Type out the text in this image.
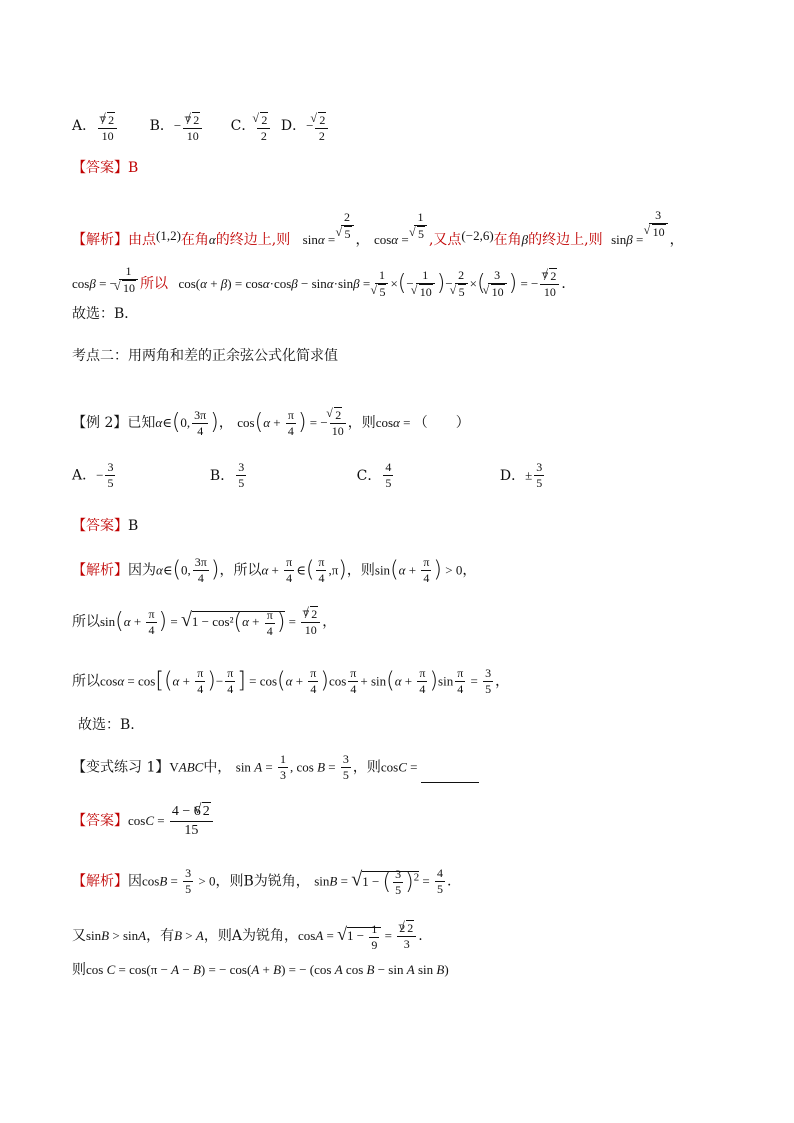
A． $\frac{7 √ 2}{10}$ B．− $\frac{7 √ 2}{10}$ C． √ $\frac{2}{2}$ D．− √ $\frac{2}{2}$
【答案】B
【解析】由点(1,2)在角α的终边上,则 sinα = 2
√ 5 ， cosα = 1
√ 5 ,又点(−2,6)在角β的终边上,则 sinβ = 3
√ 10 ，
cosβ = − 1
√ 10 所以 cos(α + β) = cosα·cosβ − sinα·sinβ = 1
√ 5 ×(− 1
√ 10 )− 2
√ 5 ×( 3
√ 10 ) = − $\frac{7 √ 2}{10}$ ．
故选：B．
考点二：用两角和差的正余弦公式化简求值
【例 2】已知α∈(0, $\frac{3\pi}{4}$ )， $\cos(\alpha + \frac{\pi}{4}$ ) = − √ $\frac{2}{10}$ ，则cosα = （　　）
A．− $\frac{3}{5}$	B． $\frac{3}{5}$	C． $\frac{4}{5}$	D．± $\frac{3}{5}$
【答案】B
【解析】因为α∈(0, $\frac{3\pi}{4}$ )，所以$\alpha + \frac{\pi}{4}$ ∈( $\frac{\pi}{4} ,\pi$)，则$\sin(\alpha + \frac{\pi}{4}$ ) > 0，
所以$\sin(\alpha + \frac{\pi}{4}$ ) = $√1 - \cos^2(\alpha + \frac{\pi}{4}$ ) = $\frac{7 √ 2}{10}$ ，
所以$\cos\alpha = \cos[(\alpha + \frac{\pi}{4}$ )− $\frac{\pi}{4}$ ] = $\cos(\alpha + \frac{\pi}{4} )\cos \frac{\pi}{4} + \sin(\alpha + \frac{\pi}{4} )\sin \frac{\pi}{4} = \frac{3}{5}$ ，
故选：B.
【变式练习 1】VABC中， $\sin A = \frac{1}{3}$ , $\cos B = \frac{3}{5}$ ，则cosC =
【答案】$\cos C = \frac{4 - 6 √ 2}{15}$
【解析】因$\cos B = \frac{3}{5} > 0$，则B为锐角， sinB = √1 − ( $\frac{3}{5} )^2 = \frac{4}{5}$ .
又sinB > sinA，有B > A，则A为锐角，$\cos A = √1 - \frac{1}{9} = \frac{2 √ 2}{3}$ .
则cos C = cos(π − A − B) = − cos(A + B) = − (cos A cos B − sin A sin B)
